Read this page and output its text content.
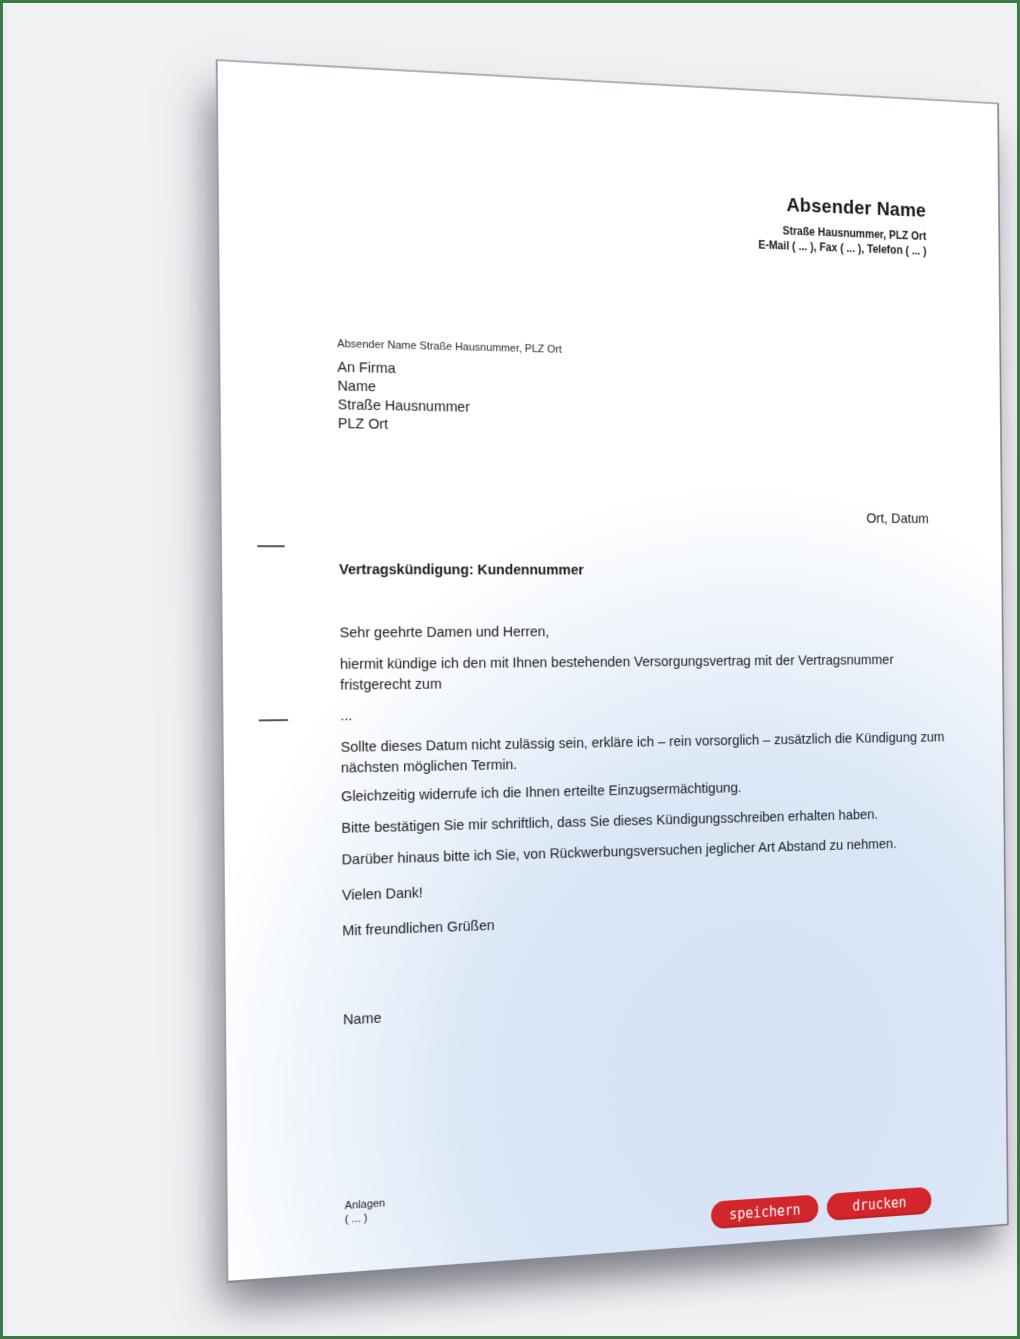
Absender Name
Straße Hausnummer, PLZ Ort
E-Mail ( ... ), Fax ( ... ), Telefon ( ... )
Absender Name Straße Hausnummer, PLZ Ort
An Firma
Name
Straße Hausnummer
PLZ Ort
Ort, Datum
Vertragskündigung: Kundennummer
Sehr geehrte Damen und Herren,
hiermit kündige ich den mit Ihnen bestehenden Versorgungsvertrag mit der Vertragsnummer
fristgerecht zum
...
Sollte dieses Datum nicht zulässig sein, erkläre ich – rein vorsorglich – zusätzlich die Kündigung zum
nächsten möglichen Termin.
Gleichzeitig widerrufe ich die Ihnen erteilte Einzugsermächtigung.
Bitte bestätigen Sie mir schriftlich, dass Sie dieses Kündigungsschreiben erhalten haben.
Darüber hinaus bitte ich Sie, von Rückwerbungsversuchen jeglicher Art Abstand zu nehmen.
Vielen Dank!
Mit freundlichen Grüßen
Name
Anlagen
( ... )	speichern	drucken
